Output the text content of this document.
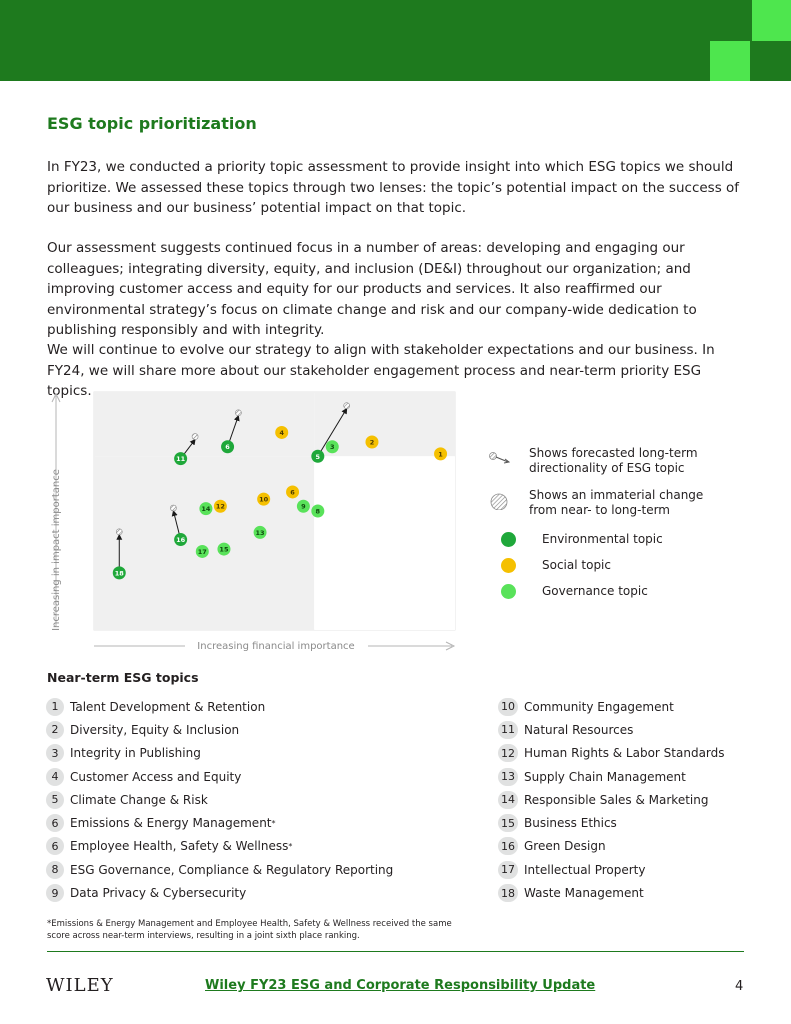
ESG topic prioritization

In FY23, we conducted a priority topic assessment to provide insight into which ESG topics we should prioritize. We assessed these topics through two lenses: the topic’s potential impact on the success of our business and our business’ potential impact on that topic.

Our assessment suggests continued focus in a number of areas: developing and engaging our colleagues; integrating diversity, equity, and inclusion (DE&I) throughout our organization; and improving customer access and equity for our products and services. It also reaffirmed our environmental strategy’s focus on climate change and risk and our company-wide dedication to publishing responsibly and with integrity.

We will continue to evolve our strategy to align with stakeholder expectations and our business. In FY24, we will share more about our stakeholder engagement process and near-term priority ESG topics.

1
2
3
4
5
6
6
8
9
10
11
12
13
14
15
16
17
18
Increasing in impact importance
Increasing financial importance
Shows forecasted long-term directionality of ESG topic
Shows an immaterial change from near- to long-term
Environmental topic
Social topic
Governance topic
Near-term ESG topics
1 Talent Development & Retention
2 Diversity, Equity & Inclusion
3 Integrity in Publishing
4 Customer Access and Equity
5 Climate Change & Risk
6 Emissions & Energy Management *
6 Employee Health, Safety & Wellness *
8 ESG Governance, Compliance & Regulatory Reporting
9 Data Privacy & Cybersecurity
10 Community Engagement
11 Natural Resources
12 Human Rights & Labor Standards
13 Supply Chain Management
14 Responsible Sales & Marketing
15 Business Ethics
16 Green Design
17 Intellectual Property
18 Waste Management

*Emissions & Energy Management and Employee Health, Safety & Wellness received the same score across near-term interviews, resulting in a joint sixth place ranking.

WILEY	Wiley FY23 ESG and Corporate Responsibility Update	4
